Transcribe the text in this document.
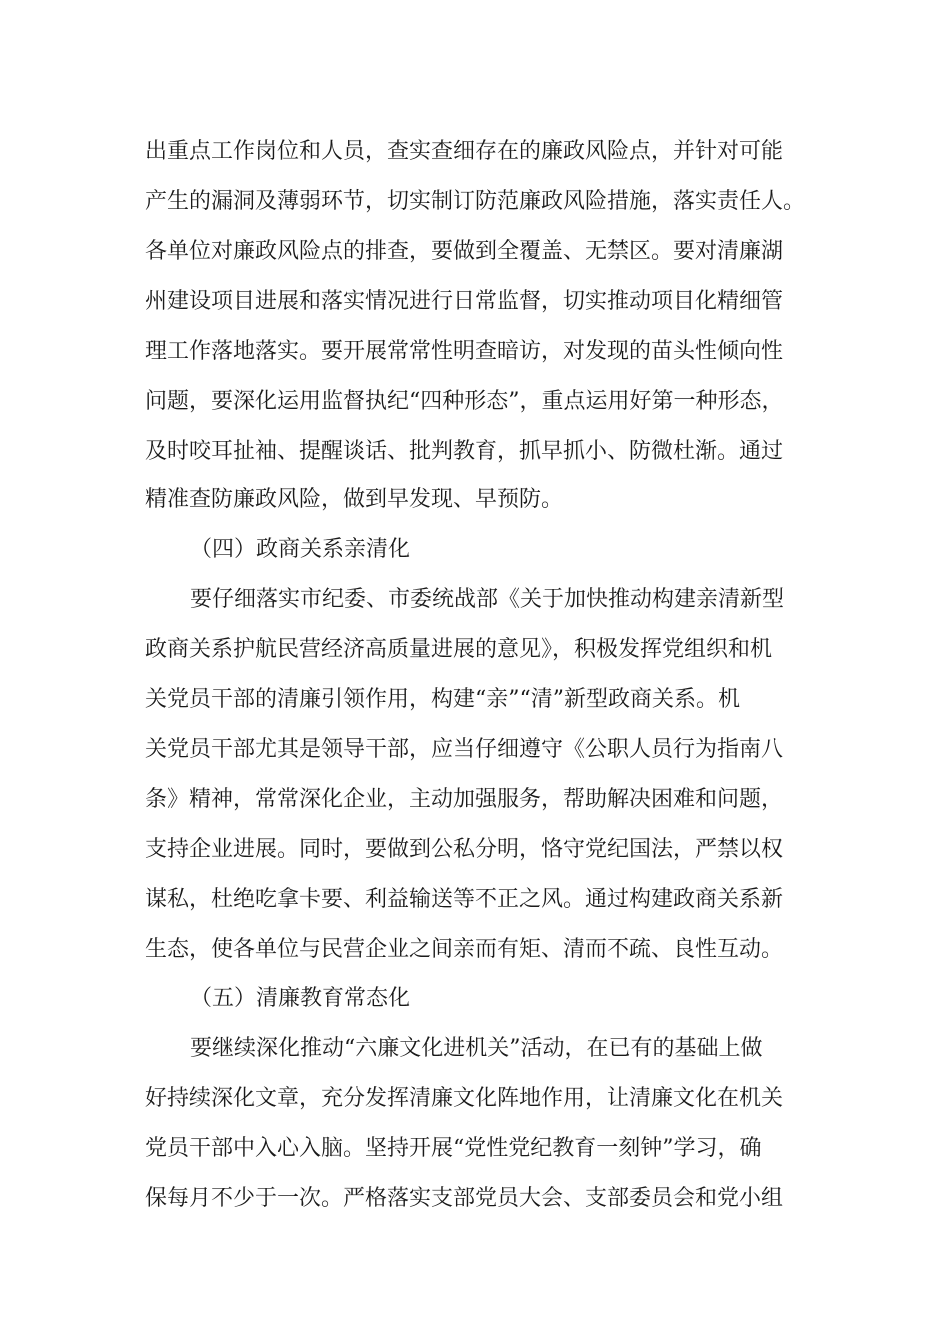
出重点工作岗位和人员，查实查细存在的廉政风险点，并针对可能

产生的漏洞及薄弱环节，切实制订防范廉政风险措施，落实责任人。

各单位对廉政风险点的排查，要做到全覆盖、无禁区。要对清廉湖

州建设项目进展和落实情况进行日常监督，切实推动项目化精细管

理工作落地落实。要开展常常性明查暗访，对发现的苗头性倾向性

问题，要深化运用监督执纪“四种形态”，重点运用好第一种形态，

及时咬耳扯袖、提醒谈话、批判教育，抓早抓小、防微杜渐。通过

精准查防廉政风险，做到早发现、早预防。

（四）政商关系亲清化

要仔细落实市纪委、市委统战部《关于加快推动构建亲清新型

政商关系护航民营经济高质量进展的意见》，积极发挥党组织和机

关党员干部的清廉引领作用，构建“亲”“清”新型政商关系。机

关党员干部尤其是领导干部，应当仔细遵守《公职人员行为指南八

条》精神，常常深化企业，主动加强服务，帮助解决困难和问题，

支持企业进展。同时，要做到公私分明，恪守党纪国法，严禁以权

谋私，杜绝吃拿卡要、利益输送等不正之风。通过构建政商关系新

生态，使各单位与民营企业之间亲而有矩、清而不疏、良性互动。

（五）清廉教育常态化

要继续深化推动“六廉文化进机关”活动，在已有的基础上做

好持续深化文章，充分发挥清廉文化阵地作用，让清廉文化在机关

党员干部中入心入脑。坚持开展“党性党纪教育一刻钟”学习，确

保每月不少于一次。严格落实支部党员大会、支部委员会和党小组
